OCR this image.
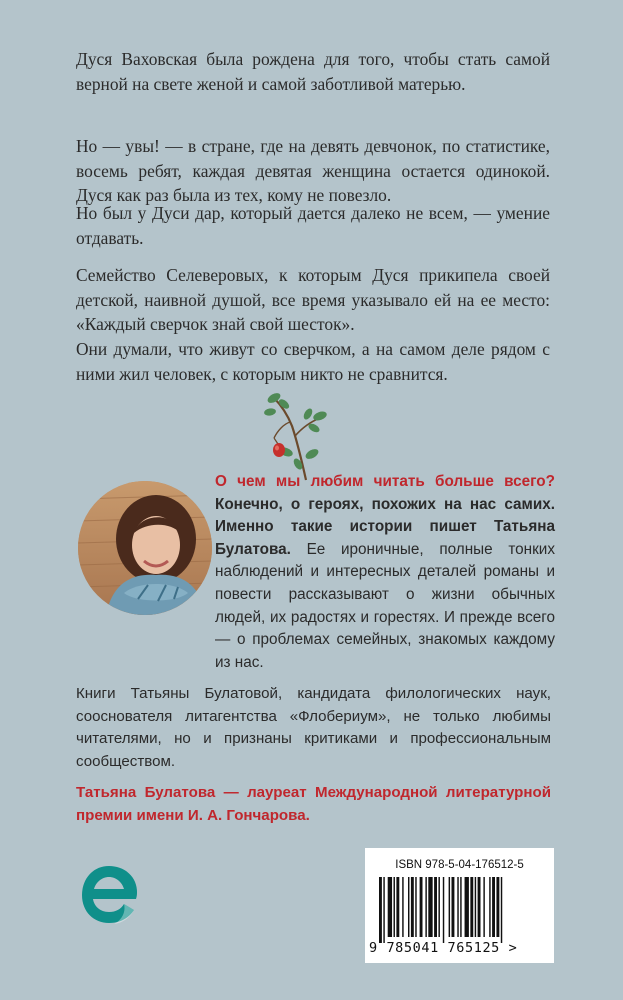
Дуся Ваховская была рождена для того, чтобы стать самой верной на свете женой и самой заботливой матерью.

Но — увы! — в стране, где на девять девчонок, по статистике, восемь ребят, каждая девятая женщина остается одинокой. Дуся как раз была из тех, кому не повезло.

Но был у Дуси дар, который дается далеко не всем, — умение отдавать.

Семейство Селеверовых, к которым Дуся прикипела своей детской, наивной душой, все время указывало ей на ее место: «Каждый сверчок знай свой шесток».

Они думали, что живут со сверчком, а на самом деле рядом с ними жил человек, с которым никто не сравнится.

О чем мы любим читать больше всего? Конечно, о героях, похожих на нас самих. Именно такие истории пишет Татьяна Булатова. Ее ироничные, полные тонких наблюдений и интересных деталей романы и повести рассказывают о жизни обычных людей, их радостях и горестях. И прежде всего — о проблемах семейных, знакомых каждому из нас.

Книги Татьяны Булатовой, кандидата филологических наук, сооснователя литагентства «Флобериум», не только любимы читателями, но и признаны критиками и профессиональным сообществом.

Татьяна Булатова — лауреат Международной литературной премии имени И. А. Гончарова.

ISBN 978-5-04-176512-5
9 785041 765125 >
